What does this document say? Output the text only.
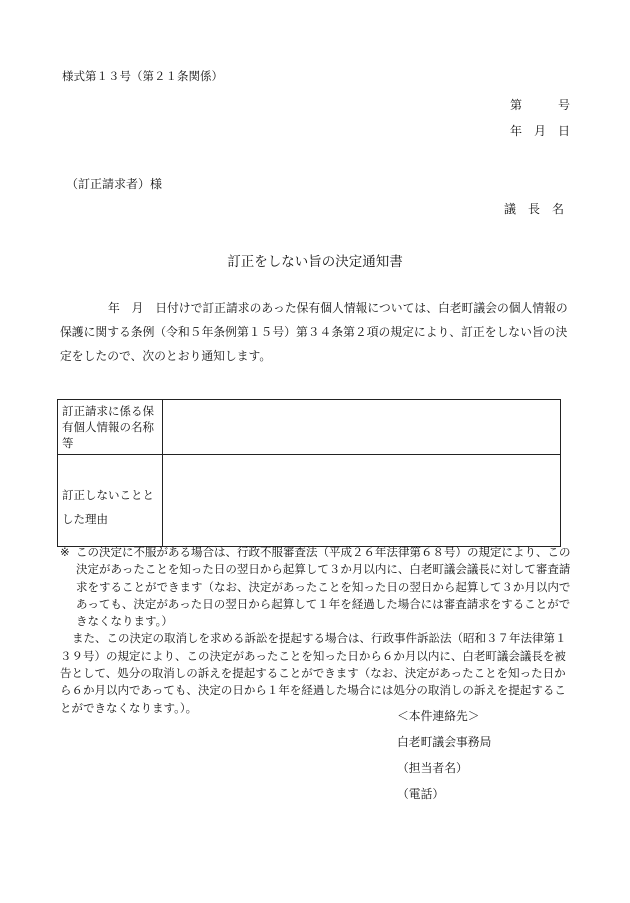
様式第１３号（第２１条関係）
第　　　号
年　月　日
（訂正請求者）様
議　長　名
訂正をしない旨の決定通知書
年　月　日付けで訂正請求のあった保有個人情報については、白老町議会の個人情報の保護に関する条例（令和５年条例第１５号）第３４条第２項の規定により、訂正をしない旨の決定をしたので、次のとおり通知します。
訂正請求に係る保有個人情報の名称等	
訂正しないこととした理由	

※ この決定に不服がある場合は、行政不服審査法（平成２６年法律第６８号）の規定により、この決定があったことを知った日の翌日から起算して３か月以内に、白老町議会議長に対して審査請求をすることができます（なお、決定があったことを知った日の翌日から起算して３か月以内であっても、決定があった日の翌日から起算して１年を経過した場合には審査請求をすることができなくなります。）

また、この決定の取消しを求める訴訟を提起する場合は、行政事件訴訟法（昭和３７年法律第１３９号）の規定により、この決定があったことを知った日から６か月以内に、白老町議会議長を被告として、処分の取消しの訴えを提起することができます（なお、決定があったことを知った日から６か月以内であっても、決定の日から１年を経過した場合には処分の取消しの訴えを提起することができなくなります。）。

＜本件連絡先＞
白老町議会事務局
（担当者名）
（電話）
